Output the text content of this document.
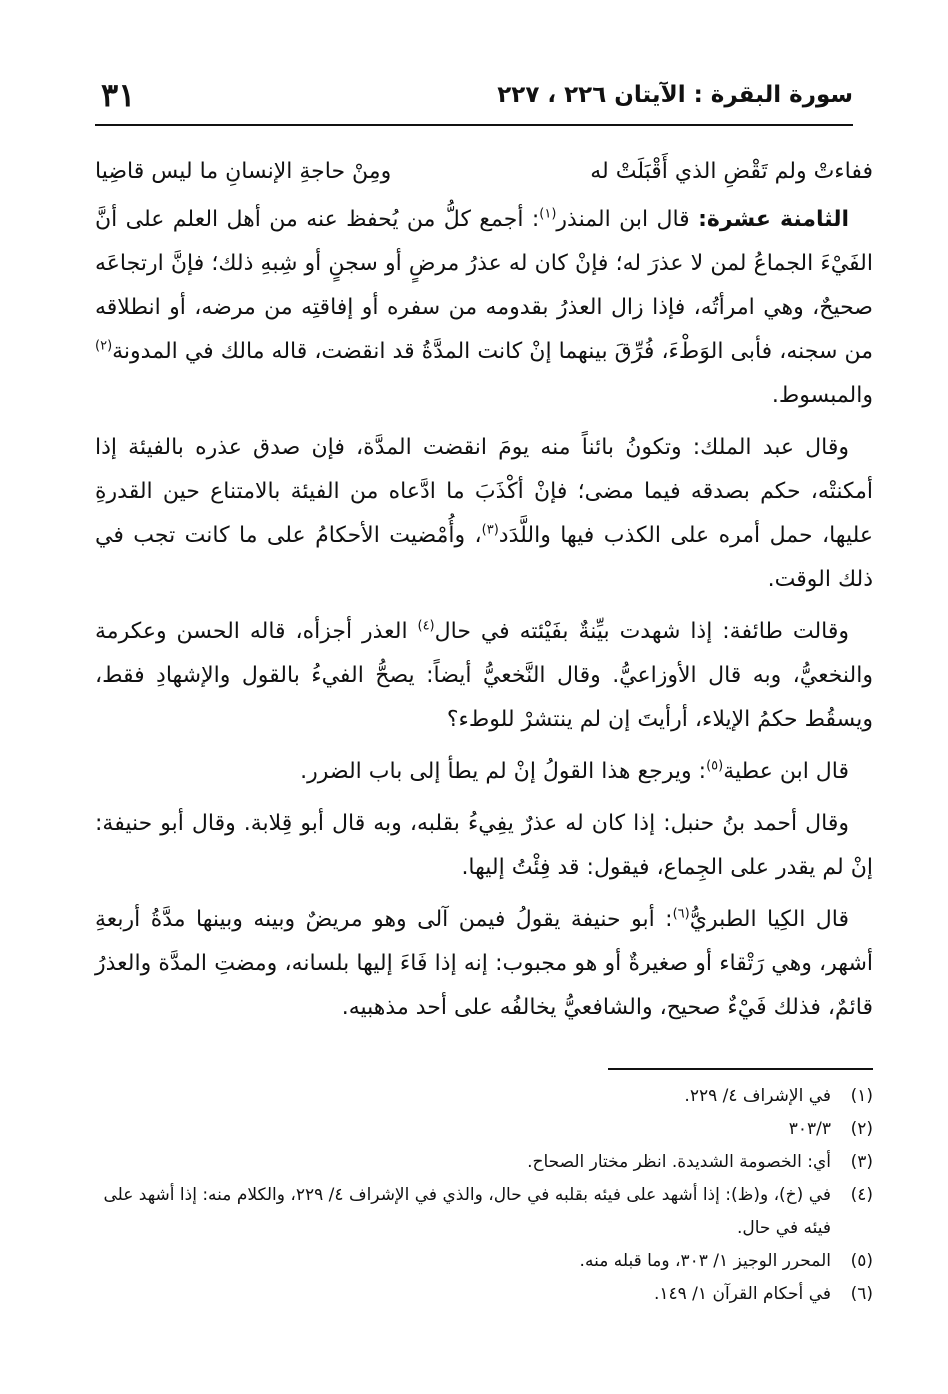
سورة البقرة : الآيتان ٢٢٦ ، ٢٢٧
٣١
ففاءتْ ولم تَقْضِ الذي أَقْبَلَتْ له
ومِنْ حاجةِ الإنسانِ ما ليس قاضِيا

الثامنة عشرة: قال ابن المنذر$^{(١)}$: أجمع كلُّ من يُحفظ عنه من أهل العلم على أنَّ الفَيْءَ الجماعُ لمن لا عذرَ له؛ فإنْ كان له عذرُ مرضٍ أو سجنٍ أو شِبهِ ذلك؛ فإنَّ ارتجاعَه صحيحٌ، وهي امرأتُه، فإذا زال العذرُ بقدومه من سفره أو إفاقتِه من مرضه، أو انطلاقه من سجنه، فأبى الوَطْءَ، فُرِّقَ بينهما إنْ كانت المدَّةُ قد انقضت، قاله مالك في المدونة$^{(٢)}$ والمبسوط.

وقال عبد الملك: وتكونُ بائناً منه يومَ انقضت المدَّة، فإن صدق عذره بالفيئة إذا أمكنتْه، حكم بصدقه فيما مضى؛ فإنْ أكْذَبَ ما ادَّعاه من الفيئة بالامتناع حين القدرةِ عليها، حمل أمره على الكذب فيها واللَّدَد$^{(٣)}$، وأُمْضيت الأحكامُ على ما كانت تجب في ذلك الوقت.

وقالت طائفة: إذا شهدت بيِّنةٌ بفَيْئته في حال$^{(٤)}$ العذر أجزأه، قاله الحسن وعكرمة والنخعيُّ، وبه قال الأوزاعيُّ. وقال النَّخعيُّ أيضاً: يصحُّ الفيءُ بالقول والإشهادِ فقط، ويسقُط حكمُ الإيلاء، أرأيتَ إن لم ينتشرْ للوطء؟

قال ابن عطية$^{(٥)}$: ويرجع هذا القولُ إنْ لم يطأ إلى باب الضرر.

وقال أحمد بنُ حنبل: إذا كان له عذرٌ يفِيءُ بقلبه، وبه قال أبو قِلابة. وقال أبو حنيفة: إنْ لم يقدر على الجِماع، فيقول: قد فِئْتُ إليها.

قال الكِيا الطبريُّ$^{(٦)}$: أبو حنيفة يقولُ فيمن آلى وهو مريضٌ وبينه وبينها مدَّةُ أربعةِ أشهر، وهي رَتْقاء أو صغيرةٌ أو هو مجبوب: إنه إذا فَاءَ إليها بلسانه، ومضتِ المدَّة والعذرُ قائمٌ، فذلك فَيْءٌ صحيح، والشافعيُّ يخالفُه على أحد مذهبيه.

(١)
في الإشراف ٤/ ٢٢٩.
(٢)
٣٠٣/٣
(٣)
أي: الخصومة الشديدة. انظر مختار الصحاح.
(٤)
في (خ)، و(ظ): إذا أشهد على فيئه بقلبه في حال، والذي في الإشراف ٤/ ٢٢٩، والكلام منه: إذا أشهد على فيئه في حال.
(٥)
المحرر الوجيز ١/ ٣٠٣، وما قبله منه.
(٦)
في أحكام القرآن ١/ ١٤٩.
